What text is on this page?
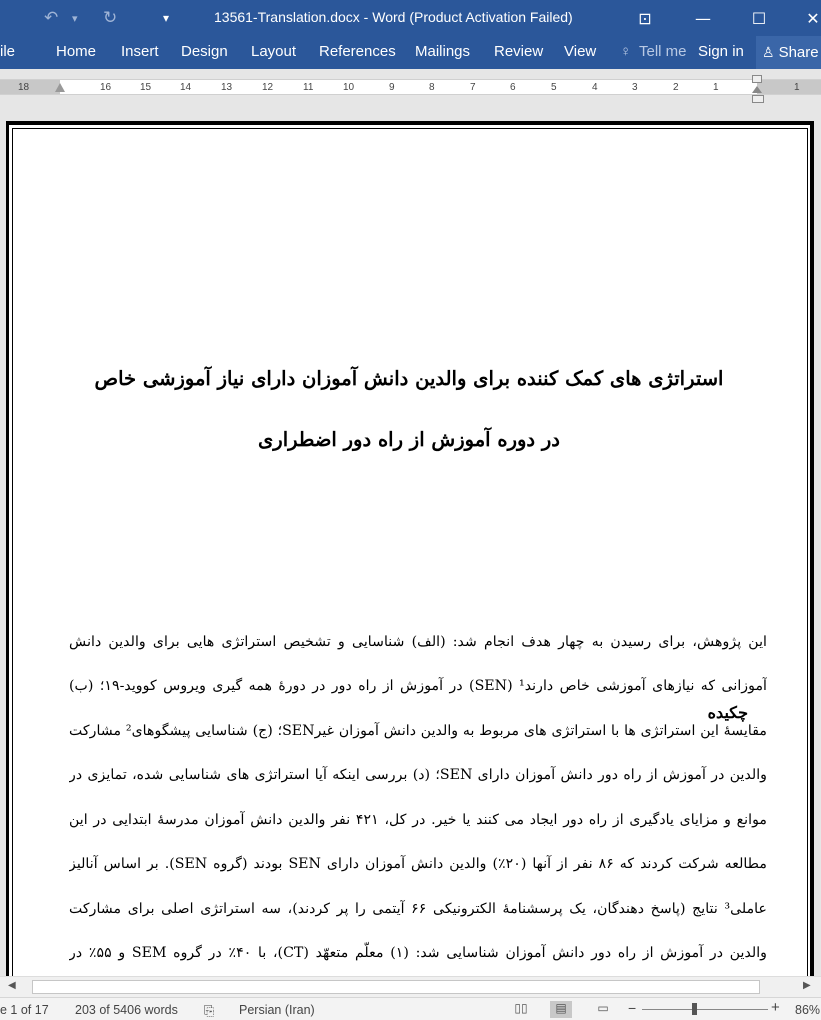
↶ ▾ ↻	▾	13561-Translation.docx - Word (Product Activation Failed)	⊡	—	☐	✕
ile	Home Insert Design Layout References Mailings Review View ♀ Tell me Sign in ♙ Share
18	16	15	14	13	12	11	10	9	8	7	6	5	4	3	2	1	1
استراتژی های کمک کننده برای والدین دانش آموزان دارای نیاز آموزشی خاص
در دوره آموزش از راه دور اضطراری
چکیده
این پژوهش، برای رسیدن به چهار هدف انجام شد: (الف) شناسایی و تشخیص استراتژی هایی برای والدین دانش
آموزانی که نیازهای آموزشی خاص دارند¹ (SEN) در آموزش از راه دور در دورۀ همه گیری ویروس کووید-۱۹؛ (ب)
مقایسۀ این استراتژی ها با استراتژی های مربوط به والدین دانش آموزان غیرSEN؛ (ج) شناسایی پیشگوهای² مشارکت
والدین در آموزش از راه دور دانش آموزان دارای SEN؛ (د) بررسی اینکه آیا استراتژی های شناسایی شده، تمایزی در
موانع و مزایای یادگیری از راه دور ایجاد می کنند یا خیر. در کل، ۴۲۱ نفر والدین دانش آموزان مدرسۀ ابتدایی در این
مطالعه شرکت کردند که ۸۶ نفر از آنها (۲۰٪) والدین دانش آموزان دارای SEN بودند (گروه SEN). بر اساس آنالیز
عاملی³ نتایج (پاسخ دهندگان، یک پرسشنامۀ الکترونیکی ۶۶ آیتمی را پر کردند)، سه استراتژی اصلی برای مشارکت
والدین در آموزش از راه دور دانش آموزان شناسایی شد: (۱) معلّم متعهّد (CT)، با ۴۰٪ در گروه SEM و ۵۵٪ در
◀	▶
e 1 of 17 203 of 5406 words ⎘ Persian (Iran)	▯▯	▤	▭	−	+ 86%
